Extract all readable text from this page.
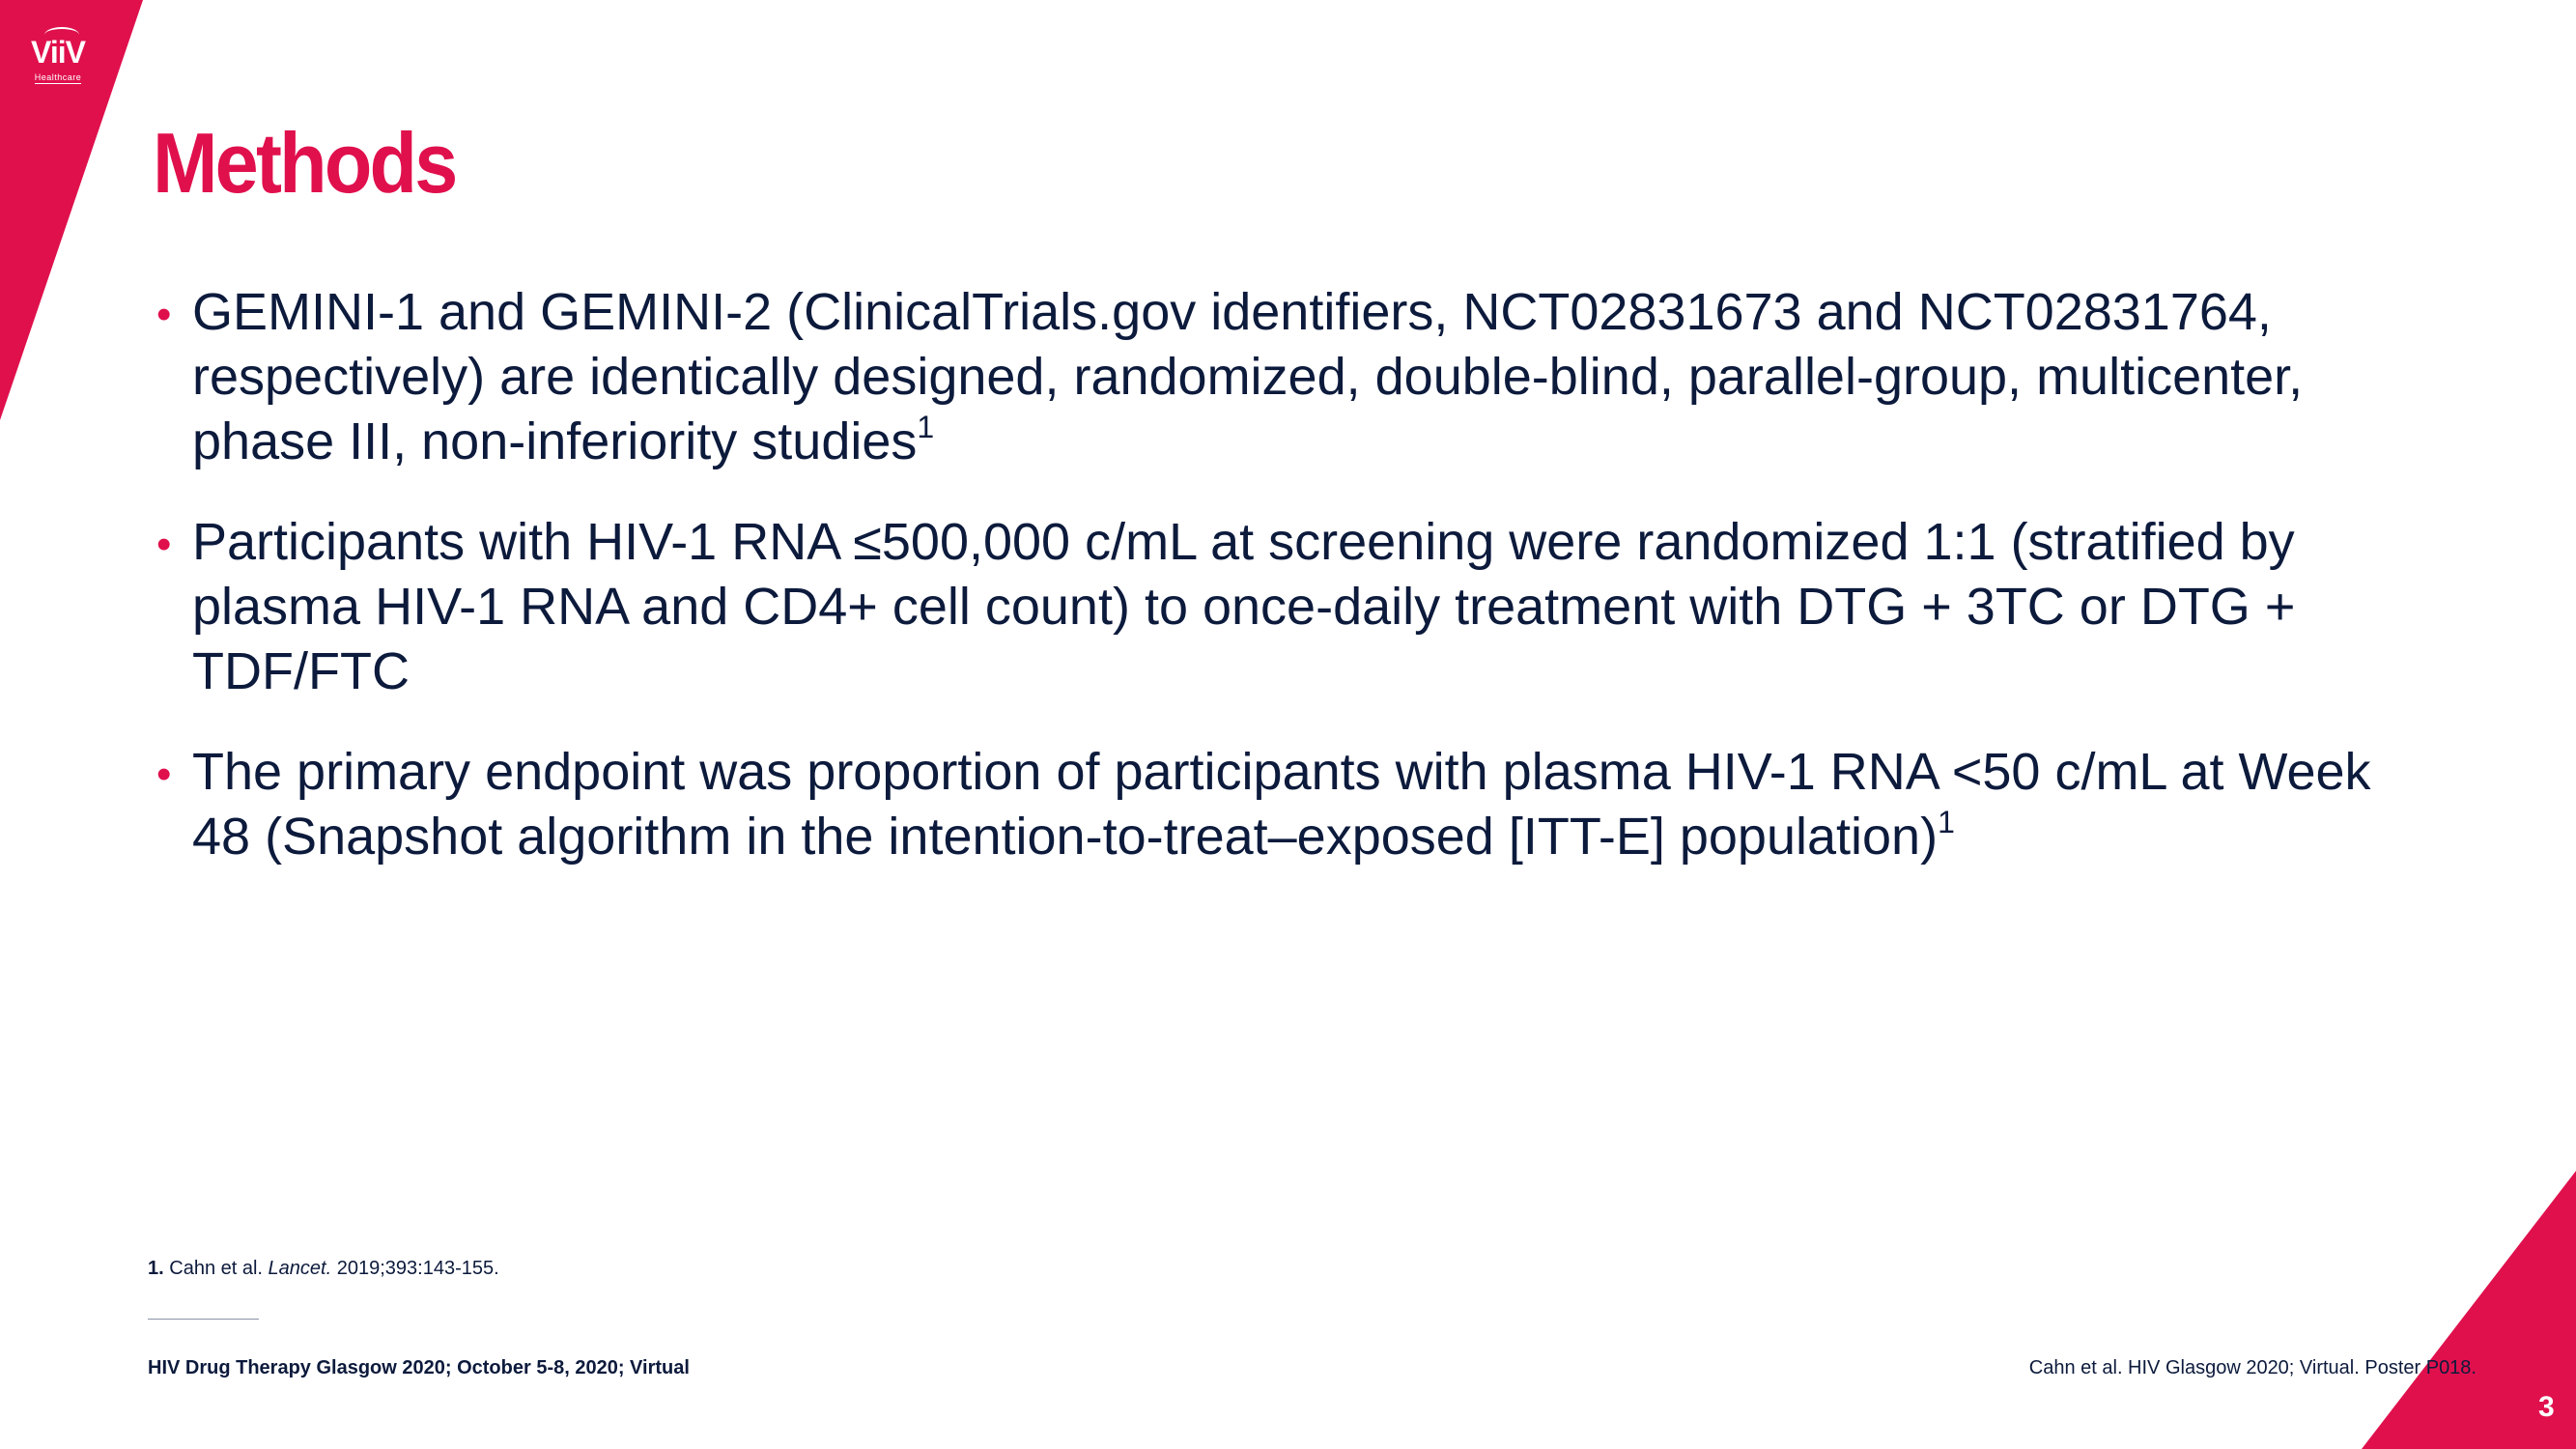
ViiV
Healthcare
Methods
• GEMINI-1 and GEMINI-2 (ClinicalTrials.gov identifiers, NCT02831673 and NCT02831764, respectively) are identically designed, randomized, double-blind, parallel-group, multicenter, phase III, non-inferiority studies$^1$
• Participants with HIV-1 RNA ≤500,000 c/mL at screening were randomized 1:1 (stratified by plasma HIV-1 RNA and CD4+ cell count) to once-daily treatment with DTG + 3TC or DTG + TDF/FTC
• The primary endpoint was proportion of participants with plasma HIV-1 RNA <50 c/mL at Week 48 (Snapshot algorithm in the intention-to-treat–exposed [ITT-E] population)$^1$
1. Cahn et al. Lancet. 2019;393:143-155.
HIV Drug Therapy Glasgow 2020; October 5-8, 2020; Virtual	Cahn et al. HIV Glasgow 2020; Virtual. Poster P018.
3
